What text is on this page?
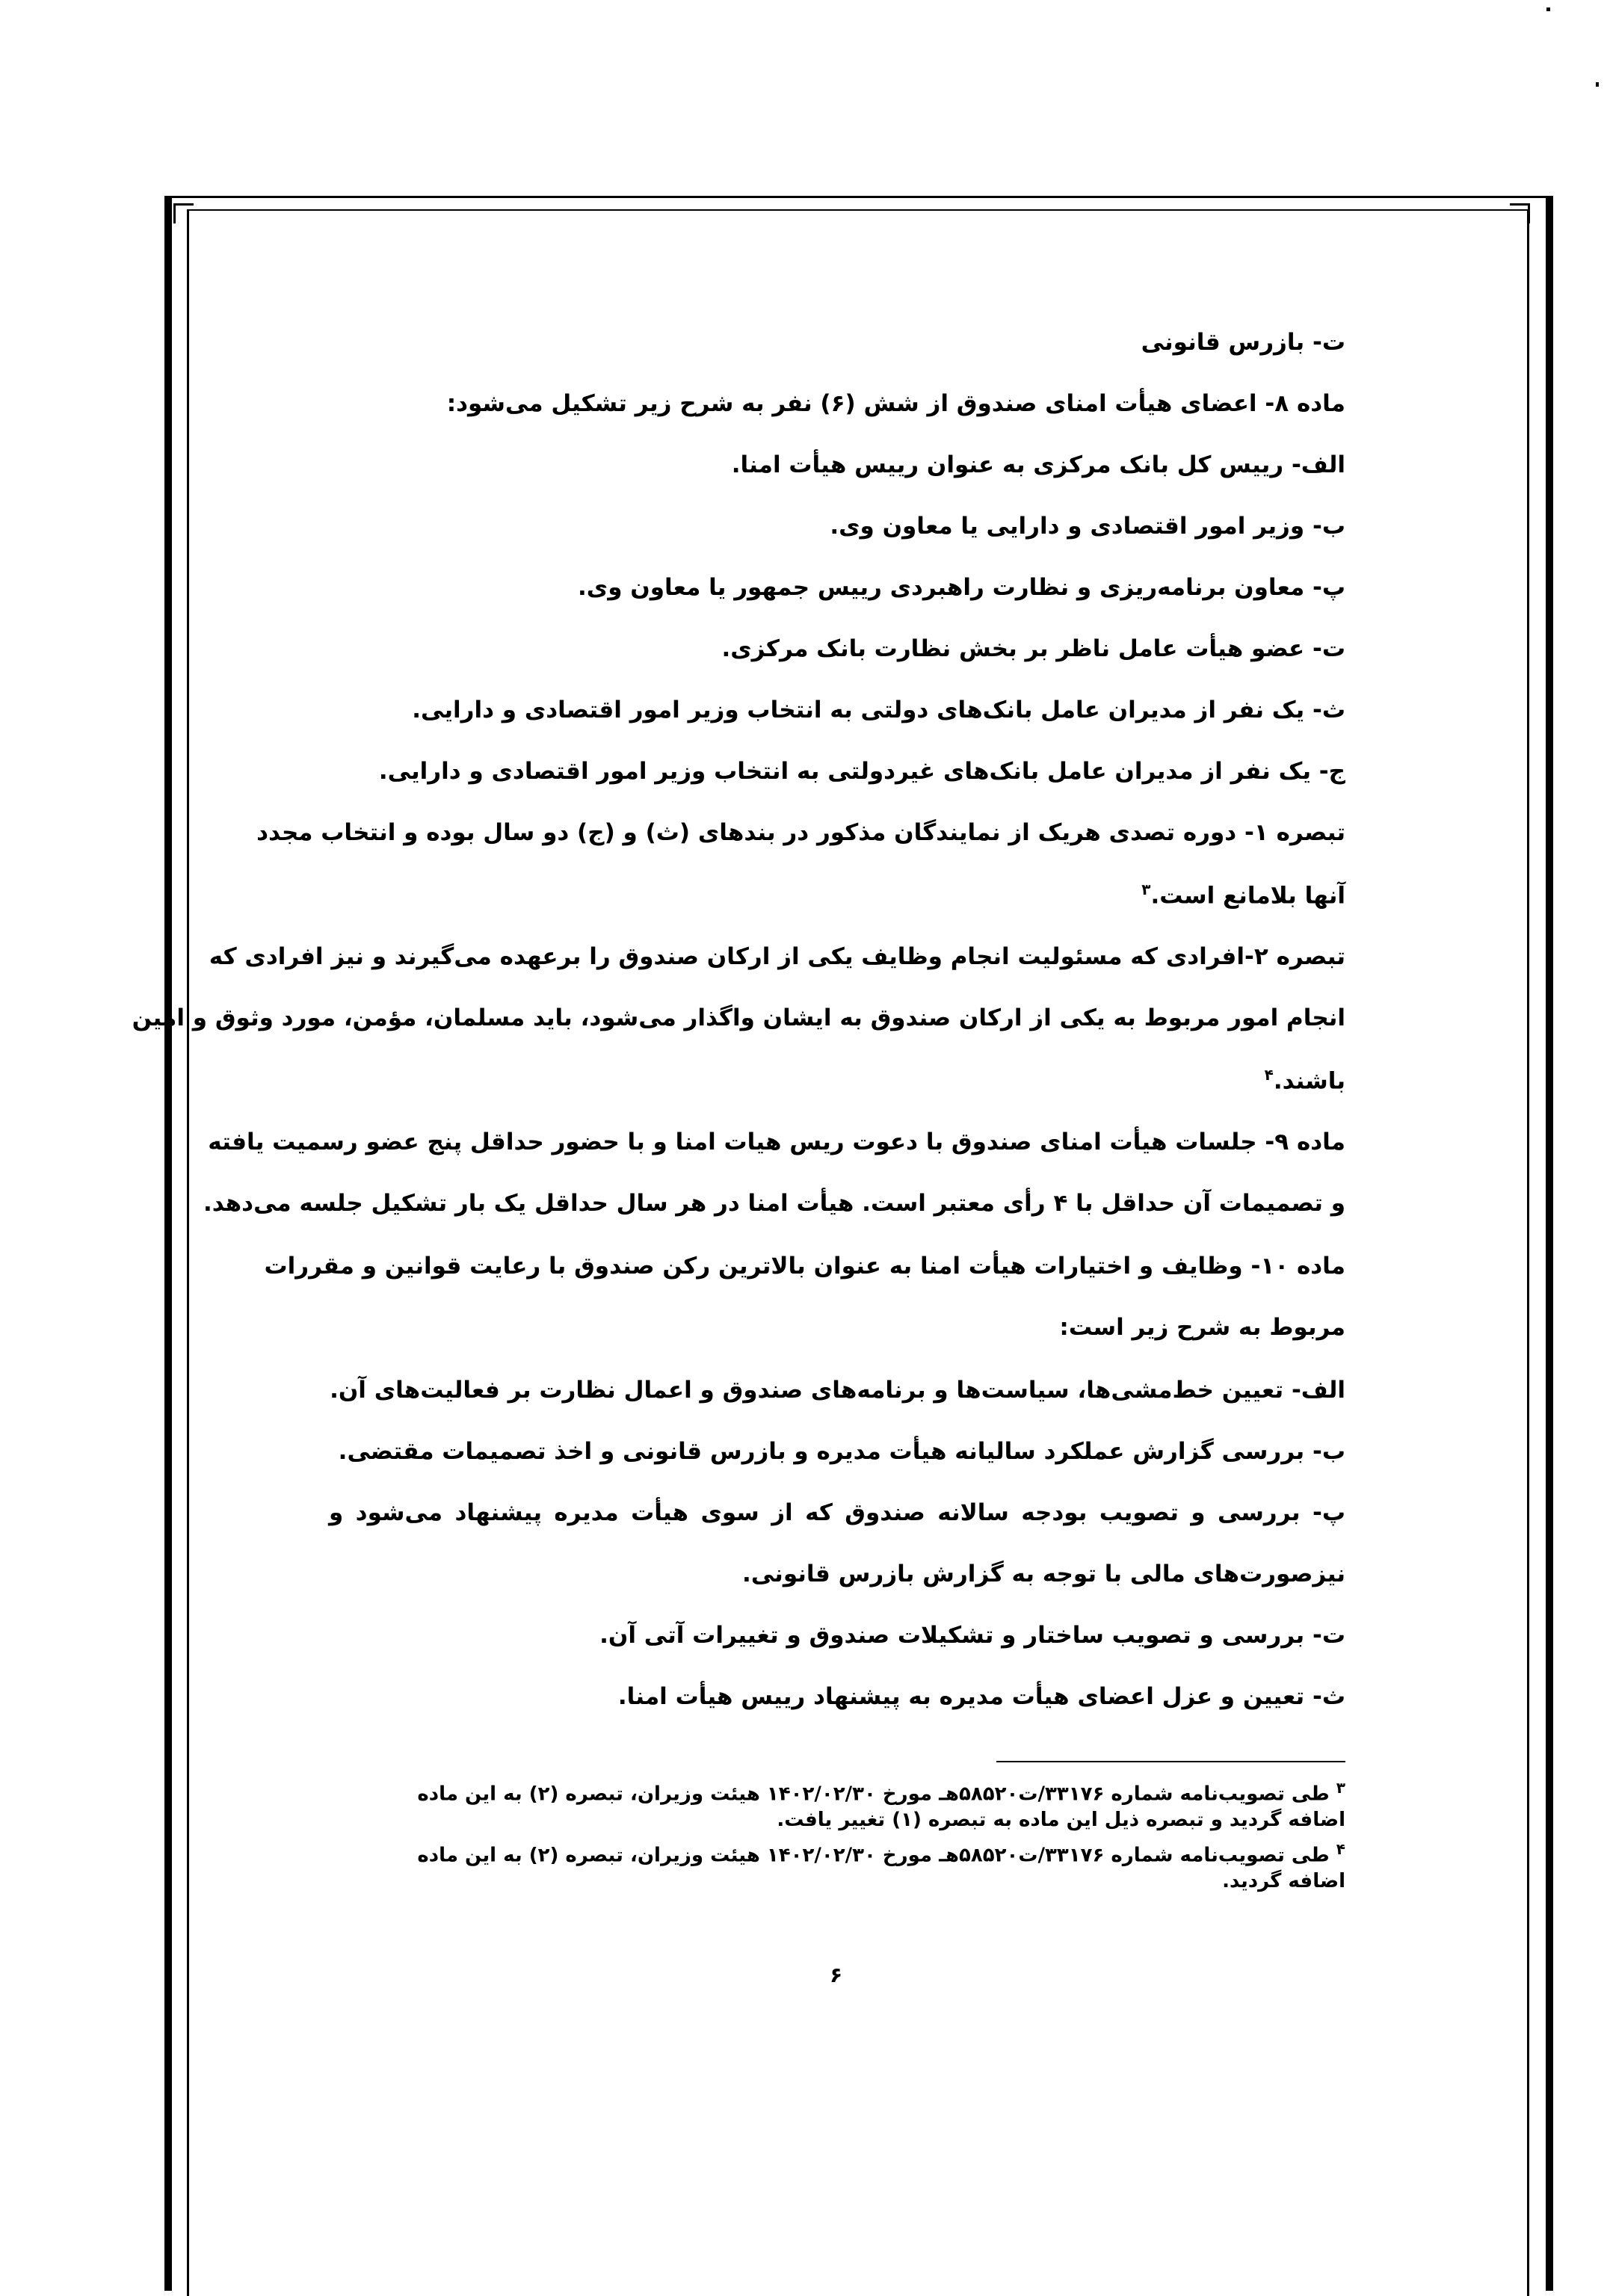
ت- بازرس قانونی
ماده ۸- اعضای هیأت امنای صندوق از شش (۶) نفر به شرح زیر تشکیل می‌شود:
الف- رییس کل بانک مرکزی به عنوان رییس هیأت امنا.
ب- وزیر امور اقتصادی و دارایی یا معاون وی.
پ- معاون برنامه‌ریزی و نظارت راهبردی رییس جمهور یا معاون وی.
ت- عضو هیأت عامل ناظر بر بخش نظارت بانک مرکزی.
ث- یک نفر از مدیران عامل بانک‌های دولتی به انتخاب وزیر امور اقتصادی و دارایی.
ج- یک نفر از مدیران عامل بانک‌های غیردولتی به انتخاب وزیر امور اقتصادی و دارایی.
تبصره ۱- دوره تصدی هریک از نمایندگان مذکور در بندهای (ث) و (ج) دو سال بوده و انتخاب مجدد
آنها بلامانع است.$^۳$
تبصره ۲-افرادی که مسئولیت انجام وظایف یکی از ارکان صندوق را برعهده می‌گیرند و نیز افرادی که
انجام امور مربوط به یکی از ارکان صندوق به ایشان واگذار می‌شود، باید مسلمان، مؤمن، مورد وثوق و امین
باشند.$^۴$
ماده ۹- جلسات هیأت امنای صندوق با دعوت ریس هیات امنا و با حضور حداقل پنج عضو رسمیت یافته
و تصمیمات آن حداقل با ۴ رأی معتبر است. هیأت امنا در هر سال حداقل یک بار تشکیل جلسه می‌دهد.
ماده ۱۰- وظایف و اختیارات هیأت امنا به عنوان بالاترین رکن صندوق با رعایت قوانین و مقررات
مربوط به شرح زیر است:
الف- تعیین خط‌مشی‌ها، سیاست‌ها و برنامه‌های صندوق و اعمال نظارت بر فعالیت‌های آن.
ب- بررسی گزارش عملکرد سالیانه هیأت مدیره و بازرس قانونی و اخذ تصمیمات مقتضی.
پ- بررسی و تصویب بودجه سالانه صندوق که از سوی هیأت مدیره پیشنهاد می‌شود و
نیزصورت‌های مالی با توجه به گزارش بازرس قانونی.
ت- بررسی و تصویب ساختار و تشکیلات صندوق و تغییرات آتی آن.
ث- تعیین و عزل اعضای هیأت مدیره به پیشنهاد رییس هیأت امنا.
$^۳$ طی تصویب‌نامه شماره ۳۳۱۷۶/ت۵۸۵۲۰هـ مورخ ۱۴۰۲/۰۲/۳۰ هیئت وزیران، تبصره (۲) به این ماده
اضافه گردید و تبصره ذیل این ماده به تبصره (۱) تغییر یافت.
$^۴$ طی تصویب‌نامه شماره ۳۳۱۷۶/ت۵۸۵۲۰هـ مورخ ۱۴۰۲/۰۲/۳۰ هیئت وزیران، تبصره (۲) به این ماده
اضافه گردید.
۶
